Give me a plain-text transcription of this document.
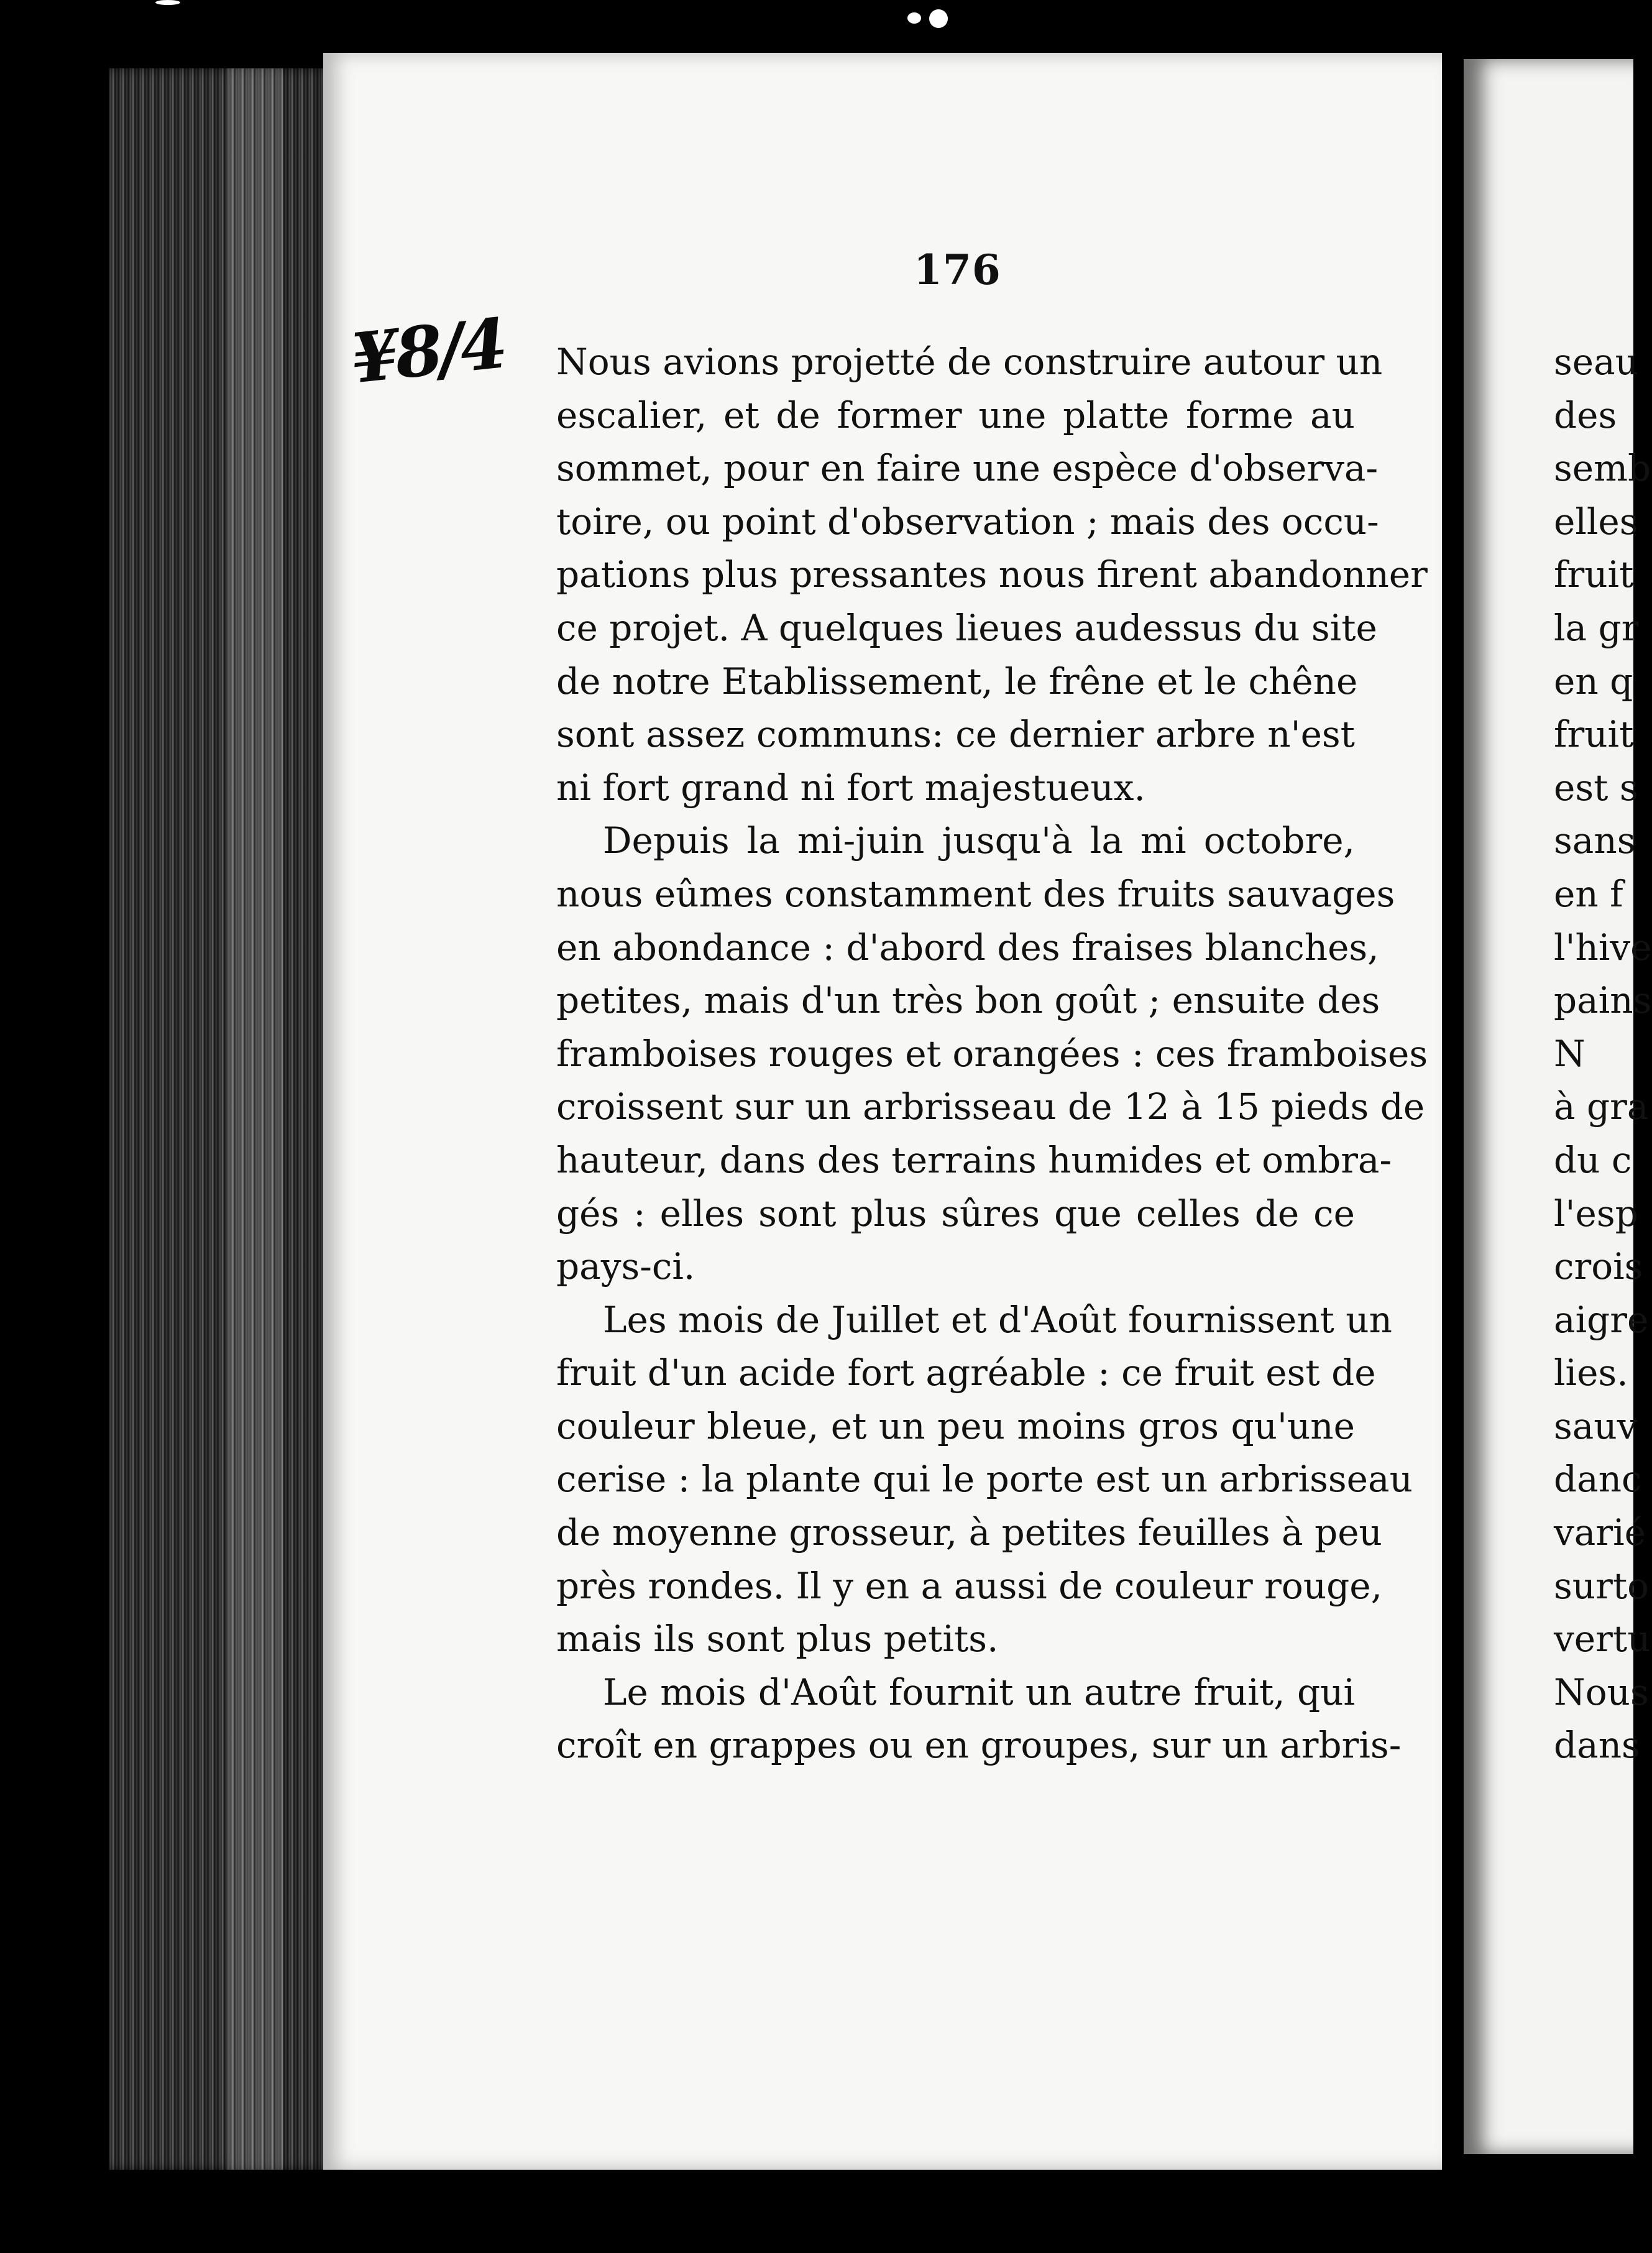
176
¥8/4 Nous avions projetté de construire autour un
escalier, et de former une platte forme au
sommet, pour en faire une espèce d'observa-
toire, ou point d'observation ; mais des occu-
pations plus pressantes nous firent abandonner
ce projet. A quelques lieues audessus du site
de notre Etablissement, le frêne et le chêne
sont assez communs: ce dernier arbre n'est
ni fort grand ni fort majestueux.

Depuis la mi-juin jusqu'à la mi octobre,
nous eûmes constamment des fruits sauvages
en abondance : d'abord des fraises blanches,
petites, mais d'un très bon goût ; ensuite des
framboises rouges et orangées : ces framboises
croissent sur un arbrisseau de 12 à 15 pieds de
hauteur, dans des terrains humides et ombra-
gés : elles sont plus sûres que celles de ce
pays-ci.

Les mois de Juillet et d'Août fournissent un
fruit d'un acide fort agréable : ce fruit est de
couleur bleue, et un peu moins gros qu'une
cerise : la plante qui le porte est un arbrisseau
de moyenne grosseur, à petites feuilles à peu
près rondes. Il y en a aussi de couleur rouge,
mais ils sont plus petits.

Le mois d'Août fournit un autre fruit, qui
croît en grappes ou en groupes, sur un arbris-

seau
des
semb
elles
fruit
la gr
en q
fruit
est s
sans
en f
l'hive
pains
N
à gra
du c
l'esp
crois
aigre
lies.
sauv
danc
varié
surto
vertu
Nous
dans
